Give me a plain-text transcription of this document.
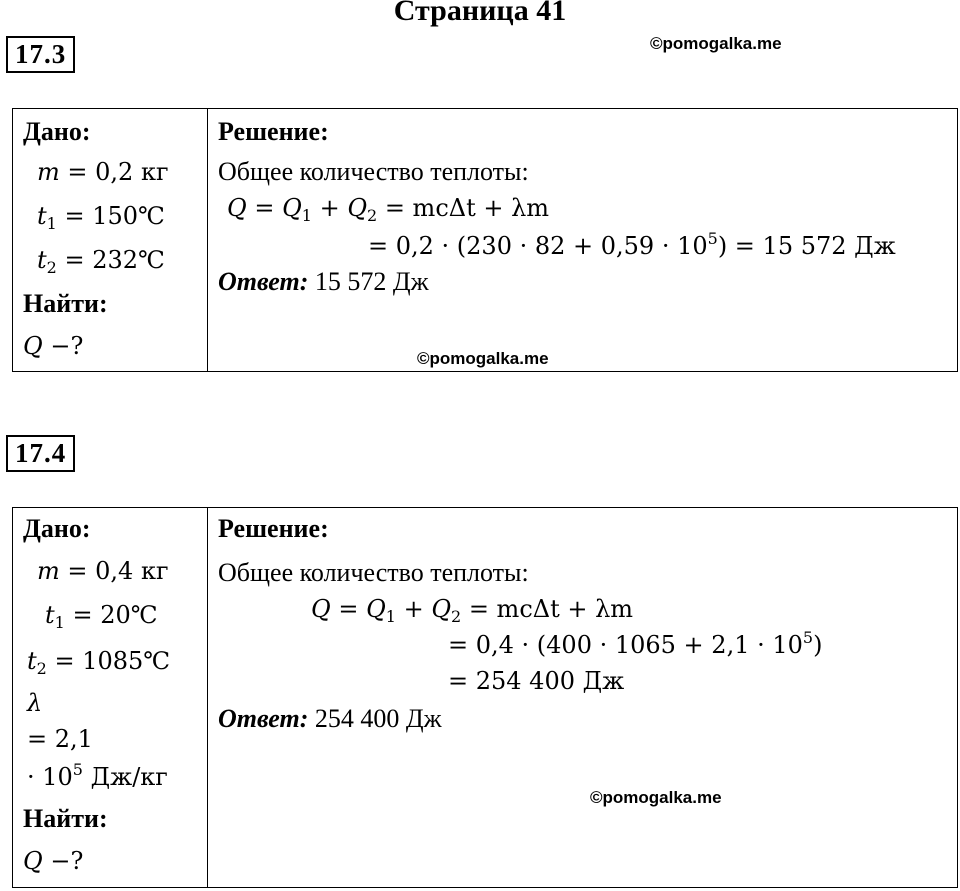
Страница 41
17.3	©pomogalka.me
Дано:
m = 0,2 кг
$t_1$ = 150℃
$t_2$ = 232℃
Найти:
Q −?
Решение:
Общее количество теплоты:
$Q = Q_1 + Q_2 = mc\Delta t + \lambda m$
= $0,2 \cdot (230 \cdot 82 + 0,59 \cdot 10^5) = 15$ 572 Дж
Ответ: 15 572 Дж
©pomogalka.me
17.4
Дано:
m = 0,4 кг
$t_1$ = 20℃
$t_2$ = 1085℃
λ
= 2,1
· $10^5$ Дж/кг
Найти:
Q −?
Решение:
Общее количество теплоты:
$Q = Q_1 + Q_2 = mc\Delta t + \lambda m$
= $0,4 \cdot (400 \cdot 1065 + 2,1 \cdot 10^5)$
= 254 400 Дж
Ответ: 254 400 Дж
©pomogalka.me
